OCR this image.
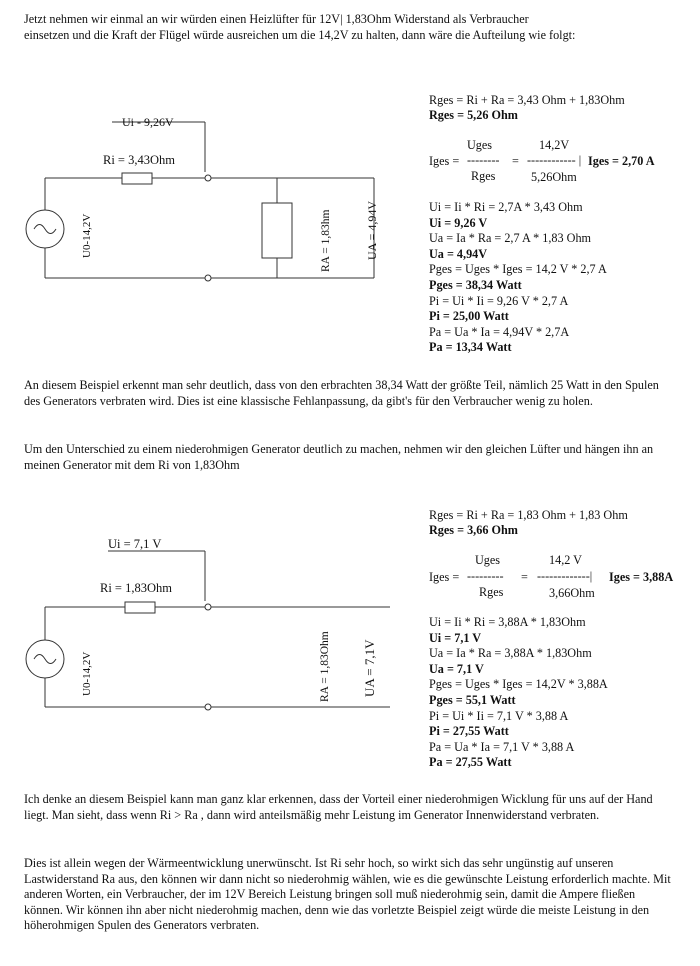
Jetzt nehmen wir einmal an wir würden einen Heizlüfter für 12V| 1,83Ohm Widerstand als Verbraucher
einsetzen und die Kraft der Flügel würde ausreichen um die 14,2V zu halten, dann wäre die Aufteilung wie folgt:
Ui - 9,26V
Ri = 3,43Ohm
U0-14,2V	RA = 1,83hm	UA = 4,94V
Rges = Ri + Ra = 3,43 Ohm + 1,83Ohm
Rges = 5,26 Ohm
Uges	14,2V
Iges = -------- = ------------ | Iges = 2,70 A
Rges	5,26Ohm
Ui = Ii * Ri = 2,7A * 3,43 Ohm
Ui = 9,26 V
Ua = Ia * Ra = 2,7 A * 1,83 Ohm
Ua = 4,94V
Pges = Uges * Iges = 14,2 V * 2,7 A
Pges = 38,34 Watt
Pi = Ui * Ii = 9,26 V * 2,7 A
Pi = 25,00 Watt
Pa = Ua * Ia = 4,94V * 2,7A
Pa = 13,34 Watt

An diesem Beispiel erkennt man sehr deutlich, dass von den erbrachten 38,34 Watt der größte Teil, nämlich 25 Watt in den Spulen des Generators verbraten wird. Dies ist eine klassische Fehlanpassung, da gibt's für den Verbraucher wenig zu holen.

Um den Unterschied zu einem niederohmigen Generator deutlich zu machen, nehmen wir den gleichen Lüfter und hängen ihn an meinen Generator mit dem Ri von 1,83Ohm

Ui = 7,1 V
Ri = 1,83Ohm
U0-14,2V	RA = 1,83Ohm UA = 7,1V
Rges = Ri + Ra = 1,83 Ohm + 1,83 Ohm
Rges = 3,66 Ohm
Uges	14,2 V
Iges = --------- = -------------| Iges = 3,88A
Rges	3,66Ohm
Ui = Ii * Ri = 3,88A * 1,83Ohm
Ui = 7,1 V
Ua = Ia * Ra = 3,88A * 1,83Ohm
Ua = 7,1 V
Pges = Uges * Iges = 14,2V * 3,88A
Pges = 55,1 Watt
Pi = Ui * Ii = 7,1 V * 3,88 A
Pi = 27,55 Watt
Pa = Ua * Ia = 7,1 V * 3,88 A
Pa = 27,55 Watt

Ich denke an diesem Beispiel kann man ganz klar erkennen, dass der Vorteil einer niederohmigen Wicklung für uns auf der Hand liegt. Man sieht, dass wenn Ri > Ra , dann wird anteilsmäßig mehr Leistung im Generator Innenwiderstand verbraten.

Dies ist allein wegen der Wärmeentwicklung unerwünscht. Ist Ri sehr hoch, so wirkt sich das sehr ungünstig auf unseren Lastwiderstand Ra aus, den können wir dann nicht so niederohmig wählen, wie es die gewünschte Leistung erforderlich machte. Mit anderen Worten, ein Verbraucher, der im 12V Bereich Leistung bringen soll muß niederohmig sein, damit die Ampere fließen können. Wir können ihn aber nicht niederohmig machen, denn wie das vorletzte Beispiel zeigt würde die meiste Leistung in den höherohmigen Spulen des Generators verbraten.
